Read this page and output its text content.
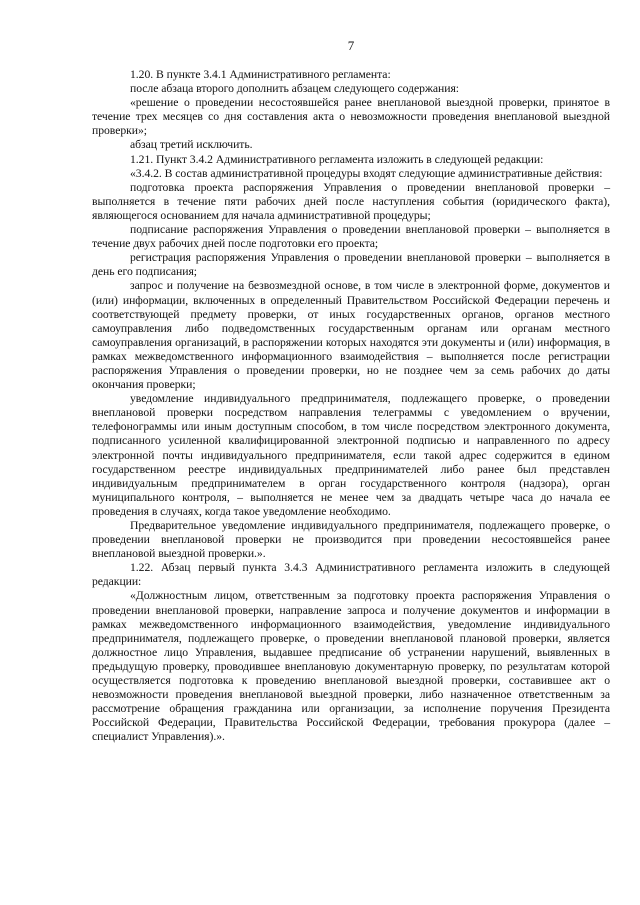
7

1.20. В пункте 3.4.1 Административного регламента:

после абзаца второго дополнить абзацем следующего содержания:

«решение о проведении несостоявшейся ранее внеплановой выездной проверки, принятое в течение трех месяцев со дня составления акта о невозможности проведения внеплановой выездной проверки»;

абзац третий исключить.

1.21. Пункт 3.4.2 Административного регламента изложить в следующей редакции:

«3.4.2. В состав административной процедуры входят следующие административные действия:

подготовка проекта распоряжения Управления о проведении внеплановой проверки – выполняется в течение пяти рабочих дней после наступления события (юридического факта), являющегося основанием для начала административной процедуры;

подписание распоряжения Управления о проведении внеплановой проверки – выполняется в течение двух рабочих дней после подготовки его проекта;

регистрация распоряжения Управления о проведении внеплановой проверки – выполняется в день его подписания;

запрос и получение на безвозмездной основе, в том числе в электронной форме, документов и (или) информации, включенных в определенный Правительством Российской Федерации перечень и соответствующей предмету проверки, от иных государственных органов, органов местного самоуправления либо подведомственных государственным органам или органам местного самоуправления организаций, в распоряжении которых находятся эти документы и (или) информация, в рамках межведомственного информационного взаимодействия – выполняется после регистрации распоряжения Управления о проведении проверки, но не позднее чем за семь рабочих до даты окончания проверки;

уведомление индивидуального предпринимателя, подлежащего проверке, о проведении внеплановой проверки посредством направления телеграммы с уведомлением о вручении, телефонограммы или иным доступным способом, в том числе посредством электронного документа, подписанного усиленной квалифицированной электронной подписью и направленного по адресу электронной почты индивидуального предпринимателя, если такой адрес содержится в едином государственном реестре индивидуальных предпринимателей либо ранее был представлен индивидуальным предпринимателем в орган государственного контроля (надзора), орган муниципального контроля, – выполняется не менее чем за двадцать четыре часа до начала ее проведения в случаях, когда такое уведомление необходимо.

Предварительное уведомление индивидуального предпринимателя, подлежащего проверке, о проведении внеплановой проверки не производится при проведении несостоявшейся ранее внеплановой выездной проверки.».

1.22. Абзац первый пункта 3.4.3 Административного регламента изложить в следующей редакции:

«Должностным лицом, ответственным за подготовку проекта распоряжения Управления о проведении внеплановой проверки, направление запроса и получение документов и информации в рамках межведомственного информационного взаимодействия, уведомление индивидуального предпринимателя, подлежащего проверке, о проведении внеплановой плановой проверки, является должностное лицо Управления, выдавшее предписание об устранении нарушений, выявленных в предыдущую проверку, проводившее внеплановую документарную проверку, по результатам которой осуществляется подготовка к проведению внеплановой выездной проверки, составившее акт о невозможности проведения внеплановой выездной проверки, либо назначенное ответственным за рассмотрение обращения гражданина или организации, за исполнение поручения Президента Российской Федерации, Правительства Российской Федерации, требования прокурора (далее – специалист Управления).».
